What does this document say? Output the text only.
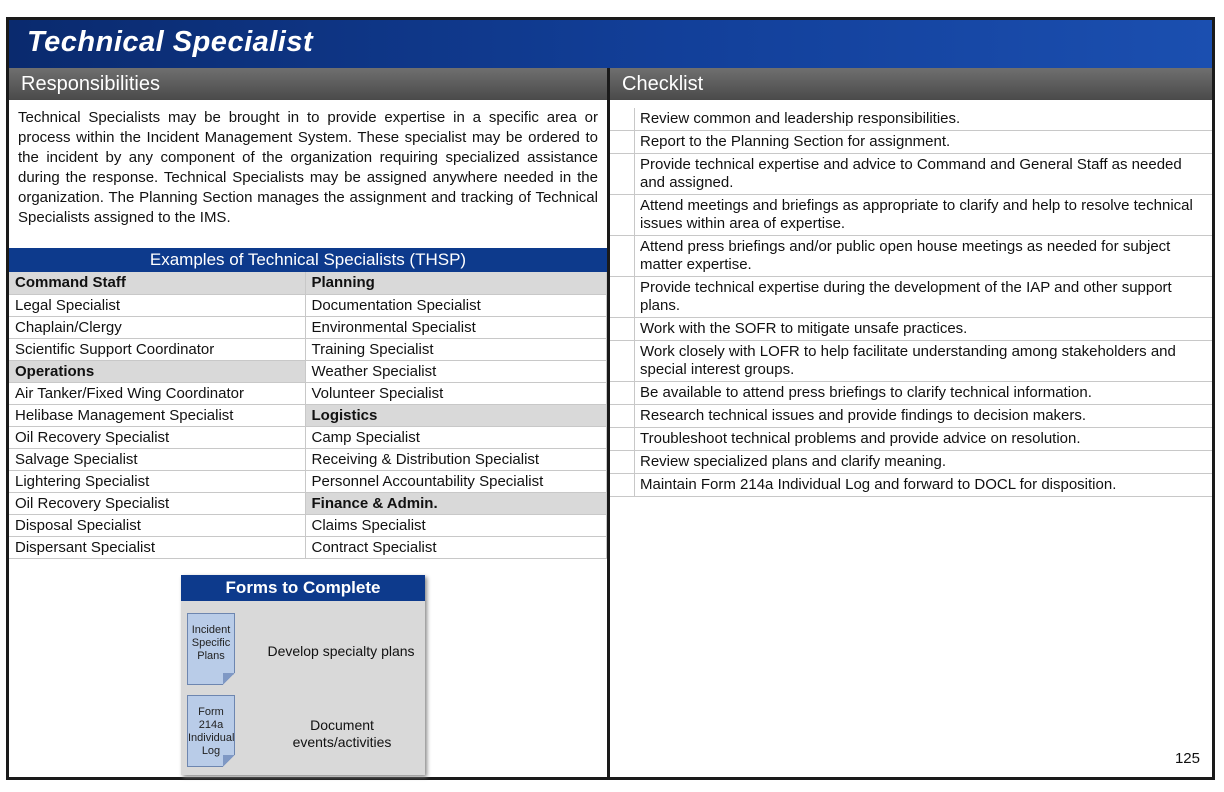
Technical Specialist
Responsibilities	Checklist
Technical Specialists may be brought in to provide expertise in a specific area or process within the Incident Management System. These specialist may be ordered to the incident by any component of the organization requiring specialized assistance during the response. Technical Specialists may be assigned anywhere needed in the organization. The Planning Section manages the assignment and tracking of Technical Specialists assigned to the IMS.
Examples of Technical Specialists (THSP)
Command Staff	Planning
Legal Specialist	Documentation Specialist
Chaplain/Clergy	Environmental Specialist
Scientific Support Coordinator	Training Specialist
Operations	Weather Specialist
Air Tanker/Fixed Wing Coordinator	Volunteer Specialist
Helibase Management Specialist	Logistics
Oil Recovery Specialist	Camp Specialist
Salvage Specialist	Receiving & Distribution Specialist
Lightering Specialist	Personnel Accountability Specialist
Oil Recovery Specialist	Finance & Admin.
Disposal Specialist	Claims Specialist
Dispersant Specialist	Contract Specialist
Forms to Complete
Incident Specific Plans	Develop specialty plans
Form 214a Individual Log
Document events/activities
Review common and leadership responsibilities.
Report to the Planning Section for assignment.
Provide technical expertise and advice to Command and General Staff as needed and assigned.
Attend meetings and briefings as appropriate to clarify and help to resolve technical issues within area of expertise.
Attend press briefings and/or public open house meetings as needed for subject matter expertise.
Provide technical expertise during the development of the IAP and other support plans.
Work with the SOFR to mitigate unsafe practices.
Work closely with LOFR to help facilitate understanding among stakeholders and special interest groups.
Be available to attend press briefings to clarify technical information.
Research technical issues and provide findings to decision makers.
Troubleshoot technical problems and provide advice on resolution.
Review specialized plans and clarify meaning.
Maintain Form 214a Individual Log and forward to DOCL for disposition.
125
